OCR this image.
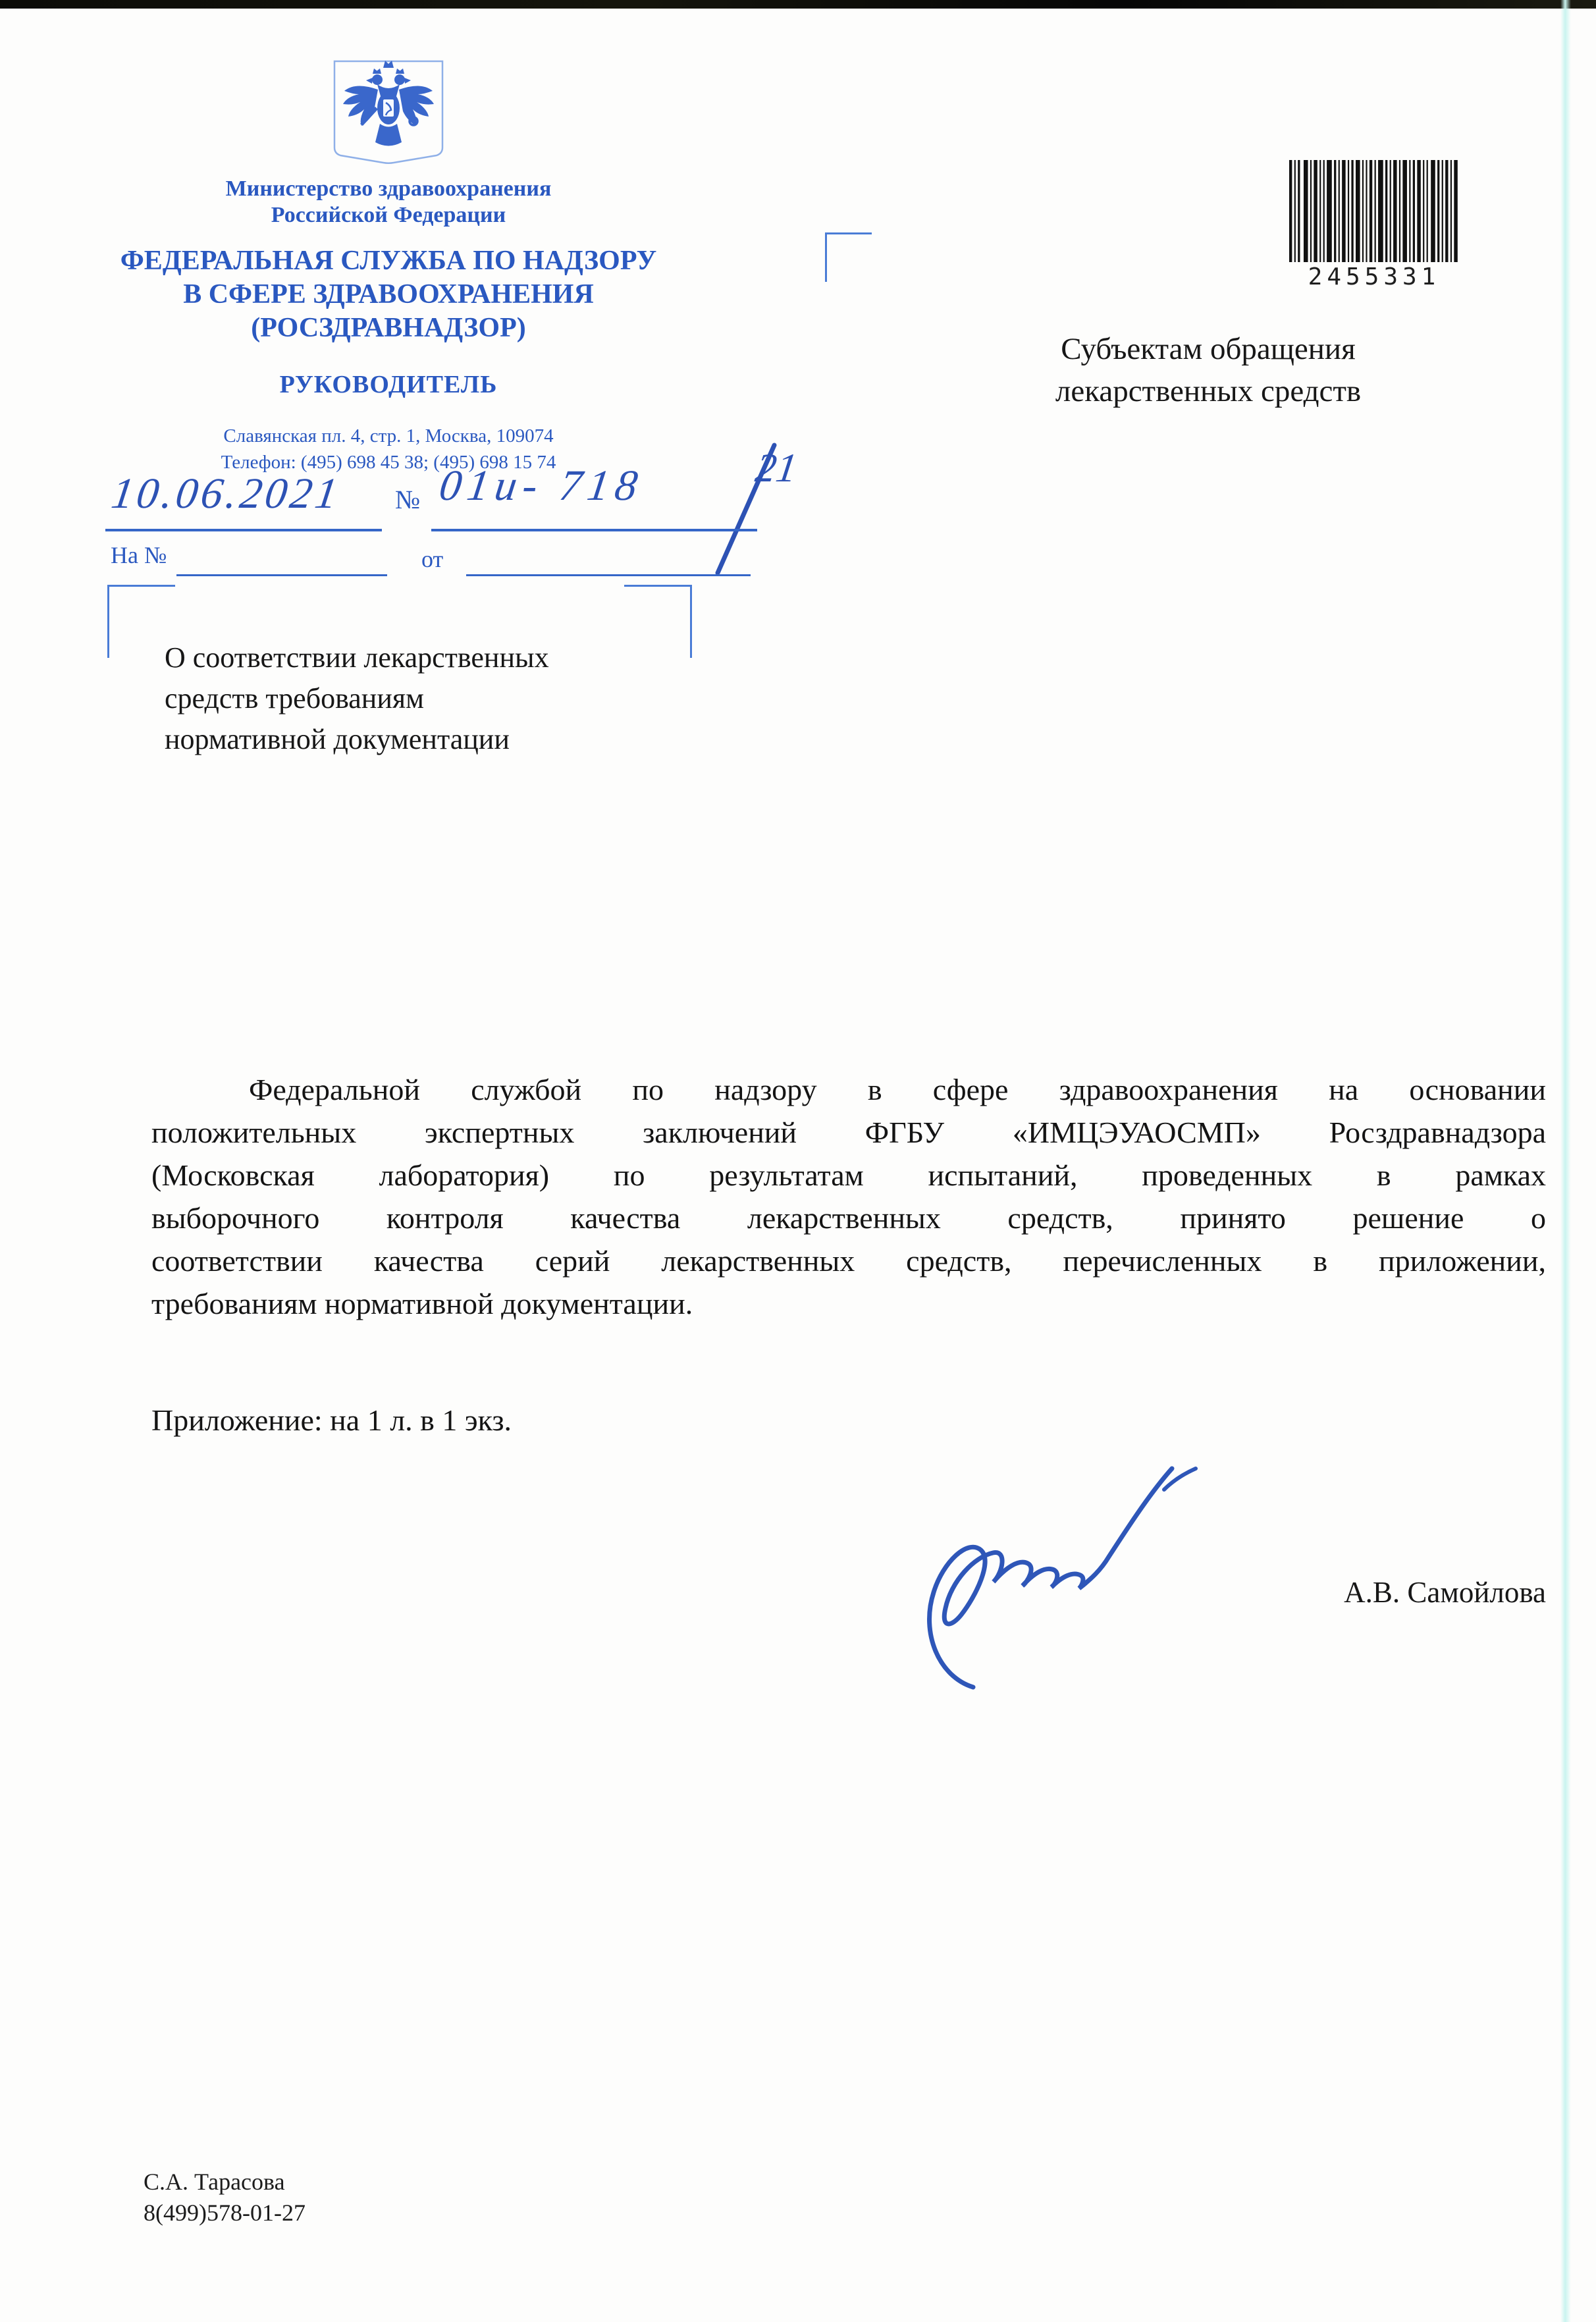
Министерство здравоохранения
Российской Федерации
ФЕДЕРАЛЬНАЯ СЛУЖБА ПО НАДЗОРУ
В СФЕРЕ ЗДРАВООХРАНЕНИЯ
(РОСЗДРАВНАДЗОР)
РУКОВОДИТЕЛЬ
Славянская пл. 4, стр. 1, Москва, 109074
Телефон: (495) 698 45 38; (495) 698 15 74
10.06.2021 № 01и- 718	21
На №	от
2455331
Субъектам обращения
лекарственных средств
О соответствии лекарственных
средств требованиям
нормативной документации
Федеральной службой по надзору в сфере здравоохранения на основании
положительных экспертных заключений ФГБУ «ИМЦЭУАОСМП» Росздравнадзора
(Московская лаборатория) по результатам испытаний, проведенных в рамках
выборочного контроля качества лекарственных средств, принято решение о
соответствии качества серий лекарственных средств, перечисленных в приложении,
требованиям нормативной документации.
Приложение: на 1 л. в 1 экз.
А.В. Самойлова
С.А. Тарасова
8(499)578-01-27
